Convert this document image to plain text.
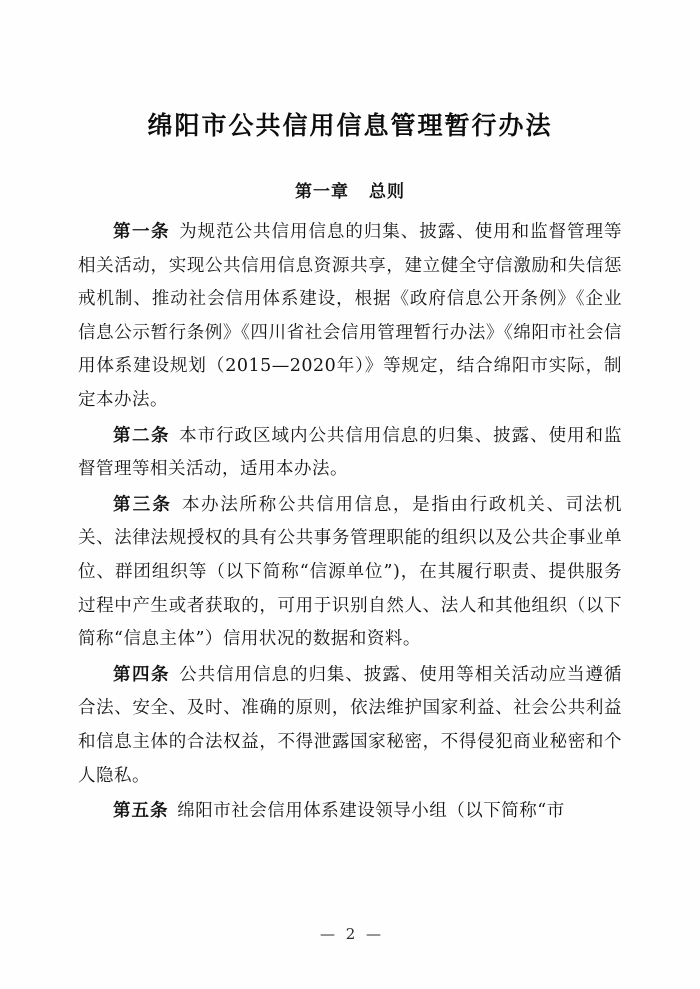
绵阳市公共信用信息管理暂行办法
第一章 总则

第一条 为规范公共信用信息的归集、披露、使用和监督管理等相关活动，实现公共信用信息资源共享，建立健全守信激励和失信惩戒机制、推动社会信用体系建设，根据《政府信息公开条例》《企业信息公示暂行条例》《四川省社会信用管理暂行办法》《绵阳市社会信用体系建设规划（2015—2020年）》等规定，结合绵阳市实际，制定本办法。

第二条 本市行政区域内公共信用信息的归集、披露、使用和监督管理等相关活动，适用本办法。

第三条 本办法所称公共信用信息，是指由行政机关、司法机关、法律法规授权的具有公共事务管理职能的组织以及公共企事业单位、群团组织等（以下简称“信源单位”)，在其履行职责、提供服务过程中产生或者获取的，可用于识别自然人、法人和其他组织（以下简称“信息主体”）信用状况的数据和资料。

第四条 公共信用信息的归集、披露、使用等相关活动应当遵循合法、安全、及时、准确的原则，依法维护国家利益、社会公共利益和信息主体的合法权益，不得泄露国家秘密，不得侵犯商业秘密和个人隐私。

第五条 绵阳市社会信用体系建设领导小组（以下简称“市

— 2 —
